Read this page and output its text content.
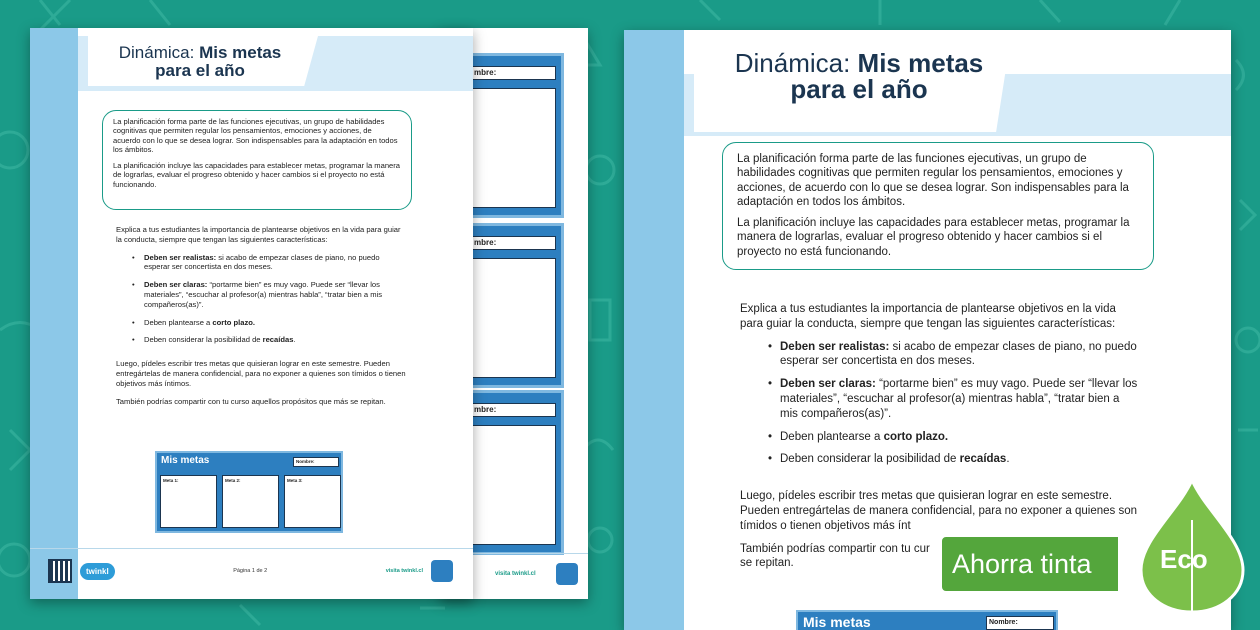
mbre:
mbre:
mbre:
visita twinkl.cl
Dinámica: Mis metas
para el año

La planificación forma parte de las funciones ejecutivas, un grupo de habilidades cognitivas que permiten regular los pensamientos, emociones y acciones, de acuerdo con lo que se desea lograr. Son indispensables para la adaptación en todos los ámbitos.

La planificación incluye las capacidades para establecer metas, programar la manera de lograrlas, evaluar el progreso obtenido y hacer cambios si el proyecto no está funcionando.

Explica a tus estudiantes la importancia de plantearse objetivos en la vida para guiar la conducta, siempre que tengan las siguientes características:

• Deben ser realistas: si acabo de empezar clases de piano, no puedo esperar ser concertista en dos meses.
• Deben ser claras: “portarme bien” es muy vago. Puede ser “llevar los materiales”, “escuchar al profesor(a) mientras habla”, “tratar bien a mis compañeros(as)”.
• Deben plantearse a corto plazo.
• Deben considerar la posibilidad de recaídas.

Luego, pídeles escribir tres metas que quisieran lograr en este semestre. Pueden entregártelas de manera confidencial, para no exponer a quienes son tímidos o tienen objetivos más íntimos.

También podrías compartir con tu curso aquellos propósitos que más se repitan.

Mis metas	Nombre:
Meta 1:	Meta 2:	Meta 3:
twinkl	Página 1 de 2	visita twinkl.cl
Dinámica: Mis metas
para el año

La planificación forma parte de las funciones ejecutivas, un grupo de habilidades cognitivas que permiten regular los pensamientos, emociones y acciones, de acuerdo con lo que se desea lograr. Son indispensables para la adaptación en todos los ámbitos.

La planificación incluye las capacidades para establecer metas, programar la manera de lograrlas, evaluar el progreso obtenido y hacer cambios si el proyecto no está funcionando.

Explica a tus estudiantes la importancia de plantearse objetivos en la vida para guiar la conducta, siempre que tengan las siguientes características:

• Deben ser realistas: si acabo de empezar clases de piano, no puedo esperar ser concertista en dos meses.
• Deben ser claras: “portarme bien” es muy vago. Puede ser “llevar los materiales”, “escuchar al profesor(a) mientras habla”, “tratar bien a mis compañeros(as)”.
• Deben plantearse a corto plazo.
• Deben considerar la posibilidad de recaídas.

Luego, pídeles escribir tres metas que quisieran lograr en este semestre. Pueden entregártelas de manera confidencial, para no exponer a quienes son tímidos o tienen objetivos más ínt

También podrías compartir con tu cur

se repitan.

Mis metas	Nombre:
Ahorra tinta	Eco
